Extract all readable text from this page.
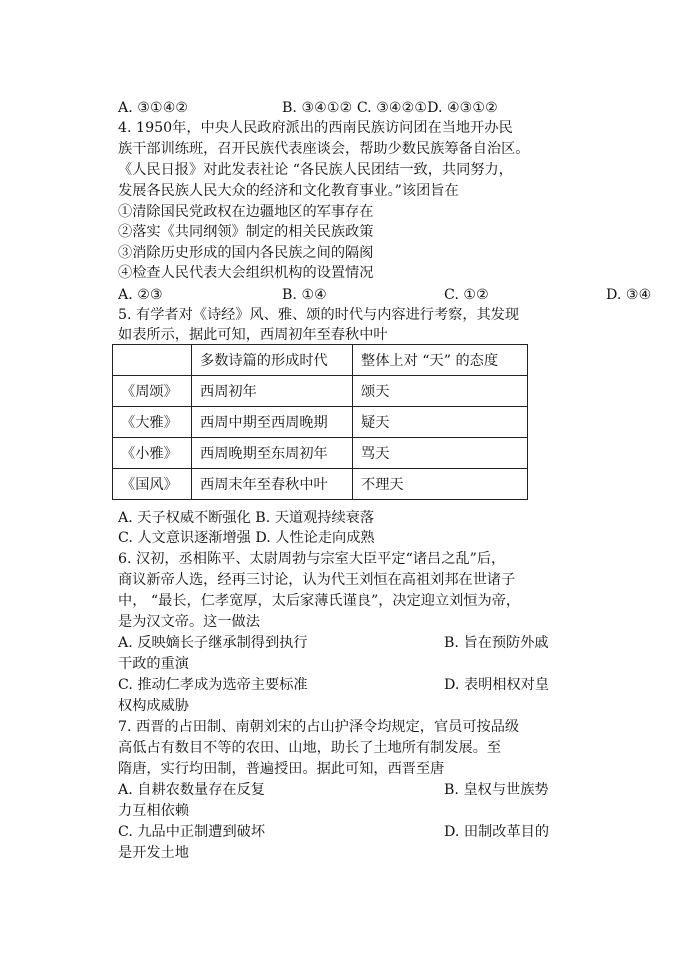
A. ③①④②	B. ③④①② C. ③④②①D. ④③①②
4. 1950年，中央人民政府派出的西南民族访问团在当地开办民
族干部训练班，召开民族代表座谈会，帮助少数民族筹备自治区。
《人民日报》对此发表社论 “各民族人民团结一致，共同努力，
发展各民族人民大众的经济和文化教育事业。”该团旨在
①清除国民党政权在边疆地区的军事存在
②落实《共同纲领》制定的相关民族政策
③消除历史形成的国内各民族之间的隔阂
④检查人民代表大会组织机构的设置情况
A. ②③	B. ①④	C. ①②	D. ③④
5. 有学者对《诗经》风、雅、颂的时代与内容进行考察，其发现
如表所示，据此可知，西周初年至春秋中叶
	多数诗篇的形成时代	整体上对 “天” 的态度
《周颂》	西周初年	颂天
《大雅》	西周中期至西周晚期	疑天
《小雅》	西周晚期至东周初年	骂天
《国风》	西周末年至春秋中叶	不理天
A. 天子权威不断强化 B. 天道观持续衰落
C. 人文意识逐渐增强 D. 人性论走向成熟
6. 汉初，丞相陈平、太尉周勃与宗室大臣平定“诸吕之乱”后，
商议新帝人选，经再三讨论，认为代王刘恒在高祖刘邦在世诸子
中， “最长，仁孝宽厚，太后家薄氏谨良”，决定迎立刘恒为帝，
是为汉文帝。这一做法
A. 反映嫡长子继承制得到执行	B. 旨在预防外戚
干政的重演
C. 推动仁孝成为选帝主要标准	D. 表明相权对皇
权构成威胁
7. 西晋的占田制、南朝刘宋的占山护泽令均规定，官员可按品级
高低占有数目不等的农田、山地，助长了土地所有制发展。至
隋唐，实行均田制，普遍授田。据此可知，西晋至唐
A. 自耕农数量存在反复	B. 皇权与世族势
力互相依赖
C. 九品中正制遭到破坏	D. 田制改革目的
是开发土地
